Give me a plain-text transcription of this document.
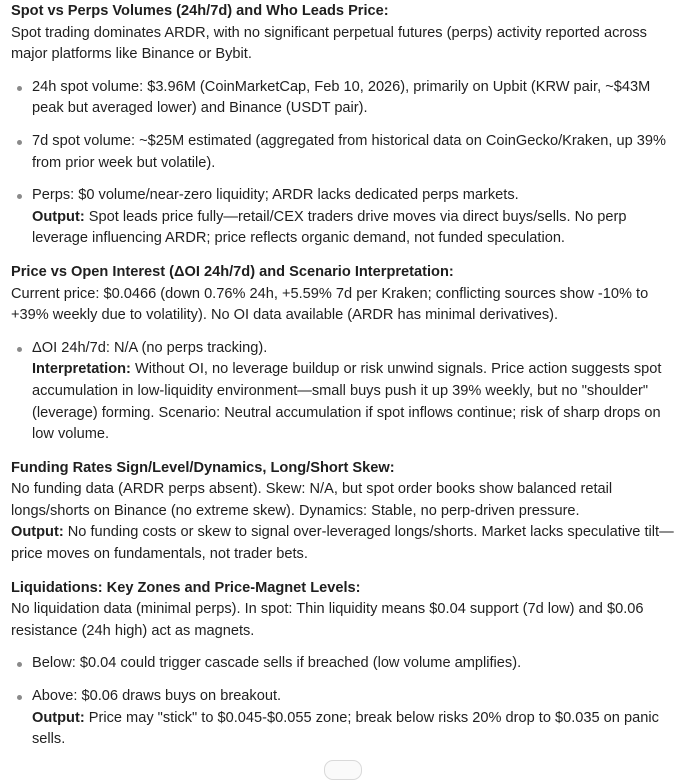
Spot vs Perps Volumes (24h/7d) and Who Leads Price:

Spot trading dominates ARDR, with no significant perpetual futures (perps) activity reported across major platforms like Binance or Bybit.

24h spot volume: $3.96M (CoinMarketCap, Feb 10, 2026), primarily on Upbit (KRW pair, ~$43M peak but averaged lower) and Binance (USDT pair).
7d spot volume: ~$25M estimated (aggregated from historical data on CoinGecko/Kraken, up 39% from prior week but volatile).
Perps: $0 volume/near-zero liquidity; ARDR lacks dedicated perps markets.
Output: Spot leads price fully—retail/CEX traders drive moves via direct buys/sells. No perp leverage influencing ARDR; price reflects organic demand, not funded speculation.

Price vs Open Interest (ΔOI 24h/7d) and Scenario Interpretation:

Current price: $0.0466 (down 0.76% 24h, +5.59% 7d per Kraken; conflicting sources show -10% to +39% weekly due to volatility). No OI data available (ARDR has minimal derivatives).

ΔOI 24h/7d: N/A (no perps tracking).
Interpretation: Without OI, no leverage buildup or risk unwind signals. Price action suggests spot accumulation in low-liquidity environment—small buys push it up 39% weekly, but no "shoulder" (leverage) forming. Scenario: Neutral accumulation if spot inflows continue; risk of sharp drops on low volume.

Funding Rates Sign/Level/Dynamics, Long/Short Skew:

No funding data (ARDR perps absent). Skew: N/A, but spot order books show balanced retail longs/shorts on Binance (no extreme skew). Dynamics: Stable, no perp-driven pressure.

Output: No funding costs or skew to signal over-leveraged longs/shorts. Market lacks speculative tilt—price moves on fundamentals, not trader bets.

Liquidations: Key Zones and Price-Magnet Levels:

No liquidation data (minimal perps). In spot: Thin liquidity means $0.04 support (7d low) and $0.06 resistance (24h high) act as magnets.

Below: $0.04 could trigger cascade sells if breached (low volume amplifies).
Above: $0.06 draws buys on breakout.
Output: Price may "stick" to $0.045-$0.055 zone; break below risks 20% drop to $0.035 on panic sells.
